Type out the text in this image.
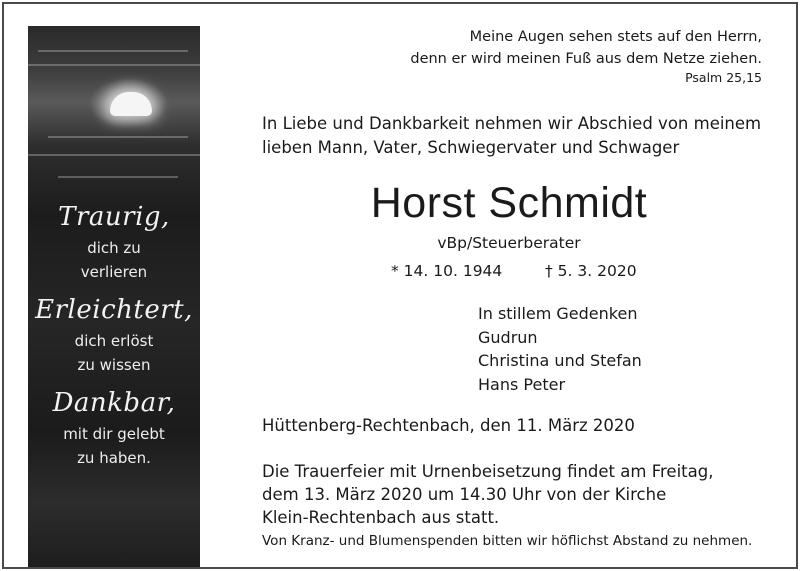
Traurig,
dich zu
verlieren
Erleichtert,
dich erlöst
zu wissen
Dankbar,
mit dir gelebt
zu haben.
Meine Augen sehen stets auf den Herrn,
denn er wird meinen Fuß aus dem Netze ziehen.
Psalm 25,15
In Liebe und Dankbarkeit nehmen wir Abschied von meinem
lieben Mann, Vater, Schwiegervater und Schwager
Horst Schmidt
vBp/Steuerberater
* 14. 10. 1944	† 5. 3. 2020
In stillem Gedenken
Gudrun
Christina und Stefan
Hans Peter
Hüttenberg-Rechtenbach, den 11. März 2020
Die Trauerfeier mit Urnenbeisetzung findet am Freitag,
dem 13. März 2020 um 14.30 Uhr von der Kirche
Klein-Rechtenbach aus statt.
Von Kranz- und Blumenspenden bitten wir höflichst Abstand zu nehmen.
